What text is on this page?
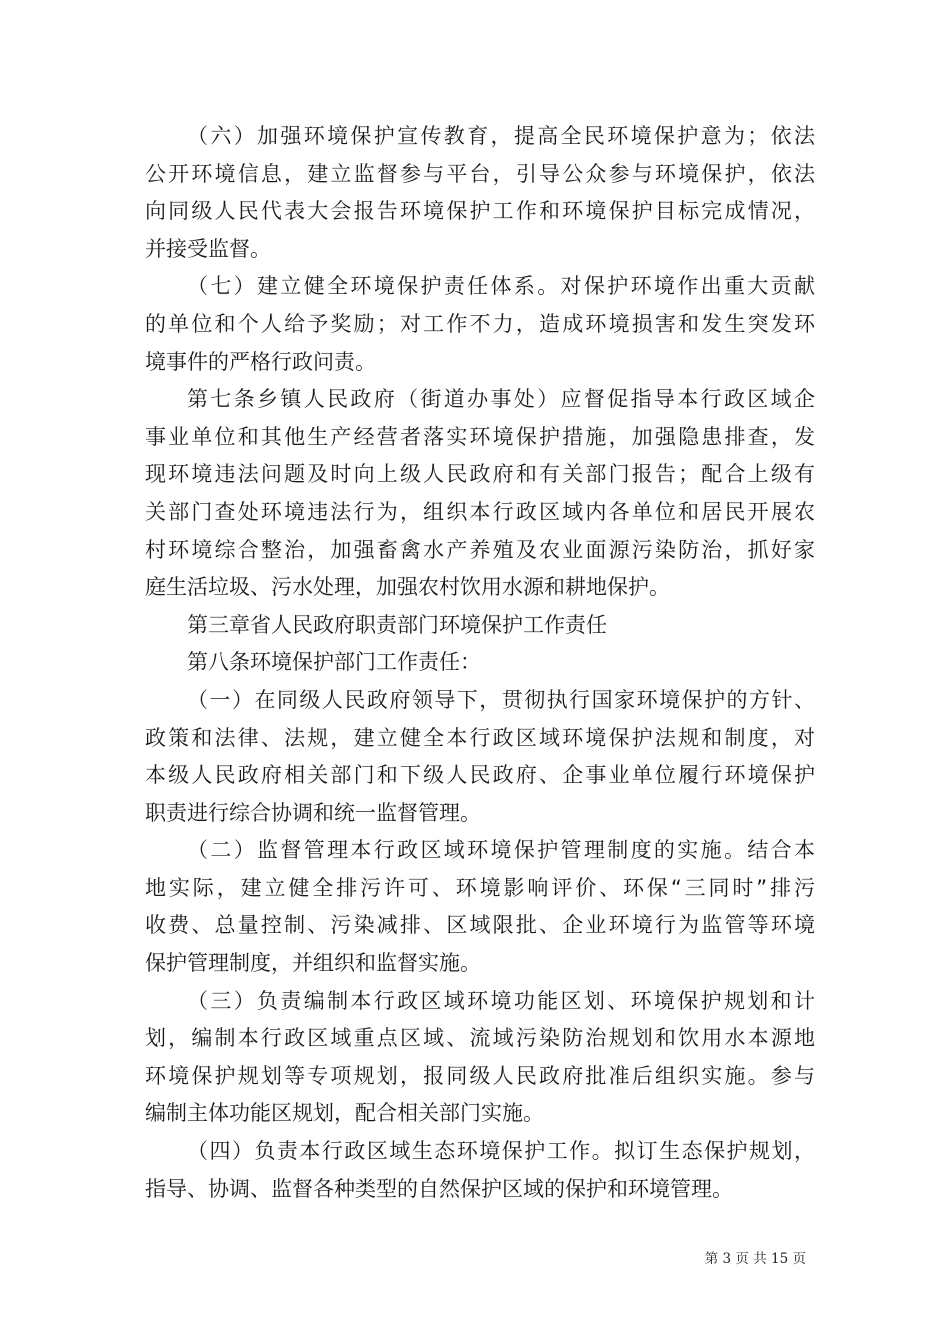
（六）加强环境保护宣传教育，提高全民环境保护意为；依法
公开环境信息，建立监督参与平台，引导公众参与环境保护，依法
向同级人民代表大会报告环境保护工作和环境保护目标完成情况，
并接受监督。
（七）建立健全环境保护责任体系。对保护环境作出重大贡献
的单位和个人给予奖励；对工作不力，造成环境损害和发生突发环
境事件的严格行政问责。
第七条乡镇人民政府（街道办事处）应督促指导本行政区域企
事业单位和其他生产经营者落实环境保护措施，加强隐患排查，发
现环境违法问题及时向上级人民政府和有关部门报告；配合上级有
关部门查处环境违法行为，组织本行政区域内各单位和居民开展农
村环境综合整治，加强畜禽水产养殖及农业面源污染防治，抓好家
庭生活垃圾、污水处理，加强农村饮用水源和耕地保护。
第三章省人民政府职责部门环境保护工作责任
第八条环境保护部门工作责任：
（一）在同级人民政府领导下，贯彻执行国家环境保护的方针、
政策和法律、法规，建立健全本行政区域环境保护法规和制度，对
本级人民政府相关部门和下级人民政府、企事业单位履行环境保护
职责进行综合协调和统一监督管理。
（二）监督管理本行政区域环境保护管理制度的实施。结合本
地实际，建立健全排污许可、环境影响评价、环保“三同时”排污
收费、总量控制、污染减排、区域限批、企业环境行为监管等环境
保护管理制度，并组织和监督实施。
（三）负责编制本行政区域环境功能区划、环境保护规划和计
划，编制本行政区域重点区域、流域污染防治规划和饮用水本源地
环境保护规划等专项规划，报同级人民政府批准后组织实施。参与
编制主体功能区规划，配合相关部门实施。
（四）负责本行政区域生态环境保护工作。拟订生态保护规划，
指导、协调、监督各种类型的自然保护区域的保护和环境管理。
第 3 页 共 15 页
